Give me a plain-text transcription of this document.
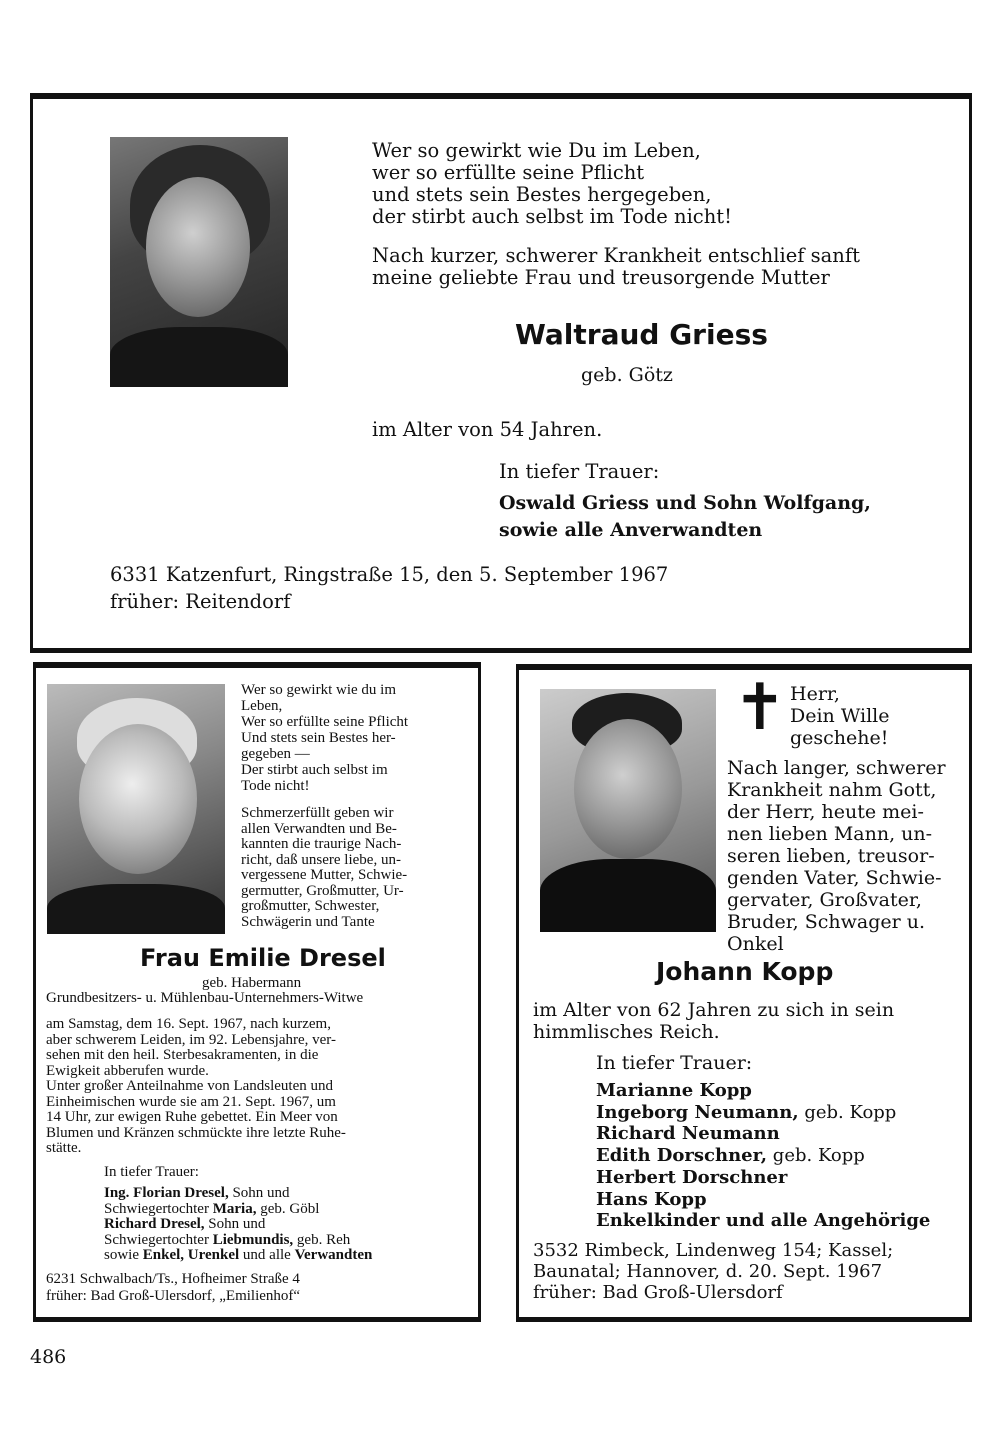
Wer so gewirkt wie Du im Leben,
wer so erfüllte seine Pflicht
und stets sein Bestes hergegeben,
der stirbt auch selbst im Tode nicht!
Nach kurzer, schwerer Krankheit entschlief sanft
meine geliebte Frau und treusorgende Mutter
Waltraud Griess
geb. Götz
im Alter von 54 Jahren.
In tiefer Trauer:
Oswald Griess und Sohn Wolfgang,
sowie alle Anverwandten
6331 Katzenfurt, Ringstraße 15, den 5. September 1967
früher: Reitendorf
Wer so gewirkt wie du im
Leben,
Wer so erfüllte seine Pflicht
Und stets sein Bestes her-
gegeben —
Der stirbt auch selbst im
Tode nicht!
Schmerzerfüllt geben wir
allen Verwandten und Be-
kannten die traurige Nach-
richt, daß unsere liebe, un-
vergessene Mutter, Schwie-
germutter, Großmutter, Ur-
großmutter, Schwester,
Schwägerin und Tante
Frau Emilie Dresel
geb. Habermann
Grundbesitzers- u. Mühlenbau-Unternehmers-Witwe
am Samstag, dem 16. Sept. 1967, nach kurzem,
aber schwerem Leiden, im 92. Lebensjahre, ver-
sehen mit den heil. Sterbesakramenten, in die
Ewigkeit abberufen wurde.
Unter großer Anteilnahme von Landsleuten und
Einheimischen wurde sie am 21. Sept. 1967, um
14 Uhr, zur ewigen Ruhe gebettet. Ein Meer von
Blumen und Kränzen schmückte ihre letzte Ruhe-
stätte.
In tiefer Trauer:
Ing. Florian Dresel, Sohn und
Schwiegertochter Maria, geb. Göbl
Richard Dresel, Sohn und
Schwiegertochter Liebmundis, geb. Reh
sowie Enkel, Urenkel und alle Verwandten
6231 Schwalbach/Ts., Hofheimer Straße 4
früher: Bad Groß-Ulersdorf, „Emilienhof“
✝ Herr,
Dein Wille
geschehe!
Nach langer, schwerer
Krankheit nahm Gott,
der Herr, heute mei-
nen lieben Mann, un-
seren lieben, treusor-
genden Vater, Schwie-
gervater, Großvater,
Bruder, Schwager u.
Onkel
Johann Kopp
im Alter von 62 Jahren zu sich in sein
himmlisches Reich.
In tiefer Trauer:
Marianne Kopp
Ingeborg Neumann, geb. Kopp
Richard Neumann
Edith Dorschner, geb. Kopp
Herbert Dorschner
Hans Kopp
Enkelkinder und alle Angehörige
3532 Rimbeck, Lindenweg 154; Kassel;
Baunatal; Hannover, d. 20. Sept. 1967
früher: Bad Groß-Ulersdorf
486
